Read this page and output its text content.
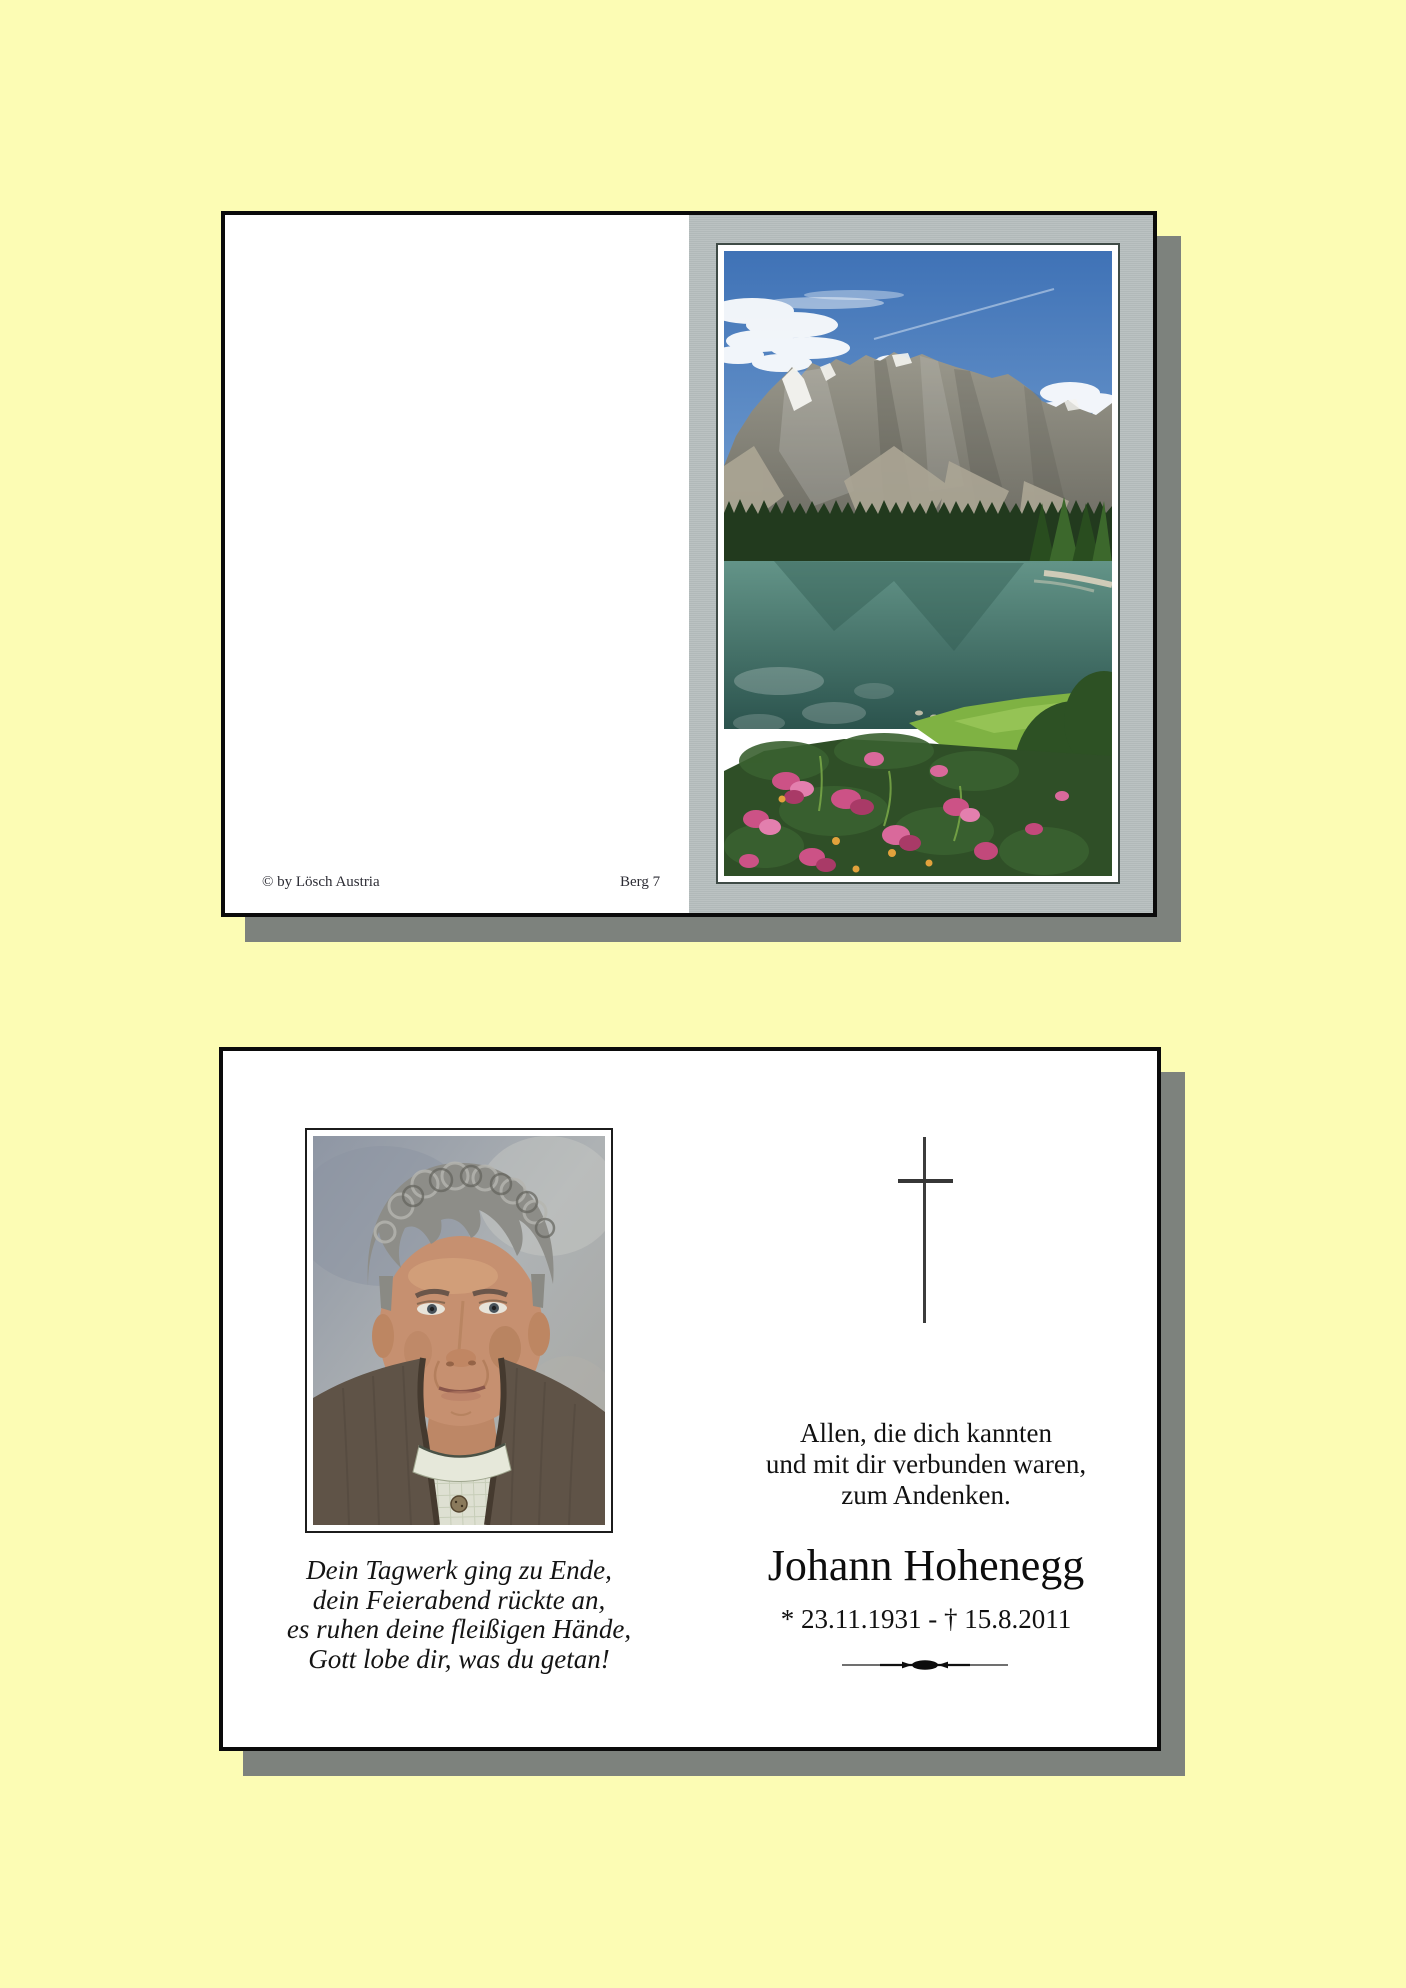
© by Lösch Austria	Berg 7
Allen, die dich kannten
und mit dir verbunden waren,
zum Andenken.
Johann Hohenegg
* 23.11.1931 - † 15.8.2011
Dein Tagwerk ging zu Ende,
dein Feierabend rückte an,
es ruhen deine fleißigen Hände,
Gott lobe dir, was du getan!
